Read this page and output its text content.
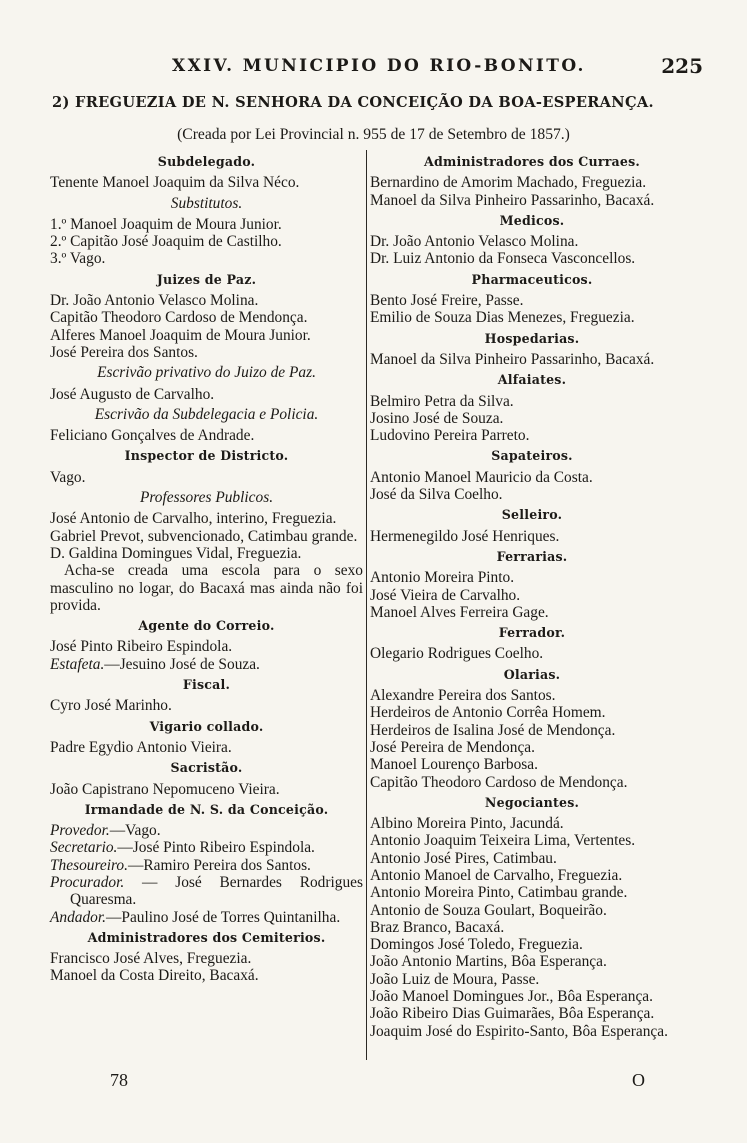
XXIV. MUNICIPIO DO RIO-BONITO.	225
2) FREGUEZIA DE N. SENHORA DA CONCEIÇÃO DA BOA-ESPERANÇA.
(Creada por Lei Provincial n. 955 de 17 de Setembro de 1857.)
Subdelegado.
Tenente Manoel Joaquim da Silva Néco.
Substitutos.
1.º Manoel Joaquim de Moura Junior.
2.º Capitão José Joaquim de Castilho.
3.º Vago.
Juizes de Paz.
Dr. João Antonio Velasco Molina.
Capitão Theodoro Cardoso de Mendonça.
Alferes Manoel Joaquim de Moura Junior.
José Pereira dos Santos.
Escrivão privativo do Juizo de Paz.
José Augusto de Carvalho.
Escrivão da Subdelegacia e Policia.
Feliciano Gonçalves de Andrade.
Inspector de Districto.
Vago.
Professores Publicos.
José Antonio de Carvalho, interino, Freguezia.
Gabriel Prevot, subvencionado, Catimbau grande.
D. Galdina Domingues Vidal, Freguezia.
Acha-se creada uma escola para o sexo masculino no logar, do Bacaxá mas ainda não foi provida.
Agente do Correio.
José Pinto Ribeiro Espindola.
Estafeta.—Jesuino José de Souza.
Fiscal.
Cyro José Marinho.
Vigario collado.
Padre Egydio Antonio Vieira.
Sacristão.
João Capistrano Nepomuceno Vieira.
Irmandade de N. S. da Conceição.
Provedor.—Vago.
Secretario.—José Pinto Ribeiro Espindola.
Thesoureiro.—Ramiro Pereira dos Santos.
Procurador. — José Bernardes Rodrigues Quaresma.
Andador.—Paulino José de Torres Quintanilha.
Administradores dos Cemiterios.
Francisco José Alves, Freguezia.
Manoel da Costa Direito, Bacaxá.
Administradores dos Curraes.
Bernardino de Amorim Machado, Freguezia.
Manoel da Silva Pinheiro Passarinho, Bacaxá.
Medicos.
Dr. João Antonio Velasco Molina.
Dr. Luiz Antonio da Fonseca Vasconcellos.
Pharmaceuticos.
Bento José Freire, Passe.
Emilio de Souza Dias Menezes, Freguezia.
Hospedarias.
Manoel da Silva Pinheiro Passarinho, Bacaxá.
Alfaiates.
Belmiro Petra da Silva.
Josino José de Souza.
Ludovino Pereira Parreto.
Sapateiros.
Antonio Manoel Mauricio da Costa.
José da Silva Coelho.
Selleiro.
Hermenegildo José Henriques.
Ferrarias.
Antonio Moreira Pinto.
José Vieira de Carvalho.
Manoel Alves Ferreira Gage.
Ferrador.
Olegario Rodrigues Coelho.
Olarias.
Alexandre Pereira dos Santos.
Herdeiros de Antonio Corrêa Homem.
Herdeiros de Isalina José de Mendonça.
José Pereira de Mendonça.
Manoel Lourenço Barbosa.
Capitão Theodoro Cardoso de Mendonça.
Negociantes.
Albino Moreira Pinto, Jacundá.
Antonio Joaquim Teixeira Lima, Vertentes.
Antonio José Pires, Catimbau.
Antonio Manoel de Carvalho, Freguezia.
Antonio Moreira Pinto, Catimbau grande.
Antonio de Souza Goulart, Boqueirão.
Braz Branco, Bacaxá.
Domingos José Toledo, Freguezia.
João Antonio Martins, Bôa Esperança.
João Luiz de Moura, Passe.
João Manoel Domingues Jor., Bôa Esperança.
João Ribeiro Dias Guimarães, Bôa Esperança.
Joaquim José do Espirito-Santo, Bôa Esperança.
78	O
